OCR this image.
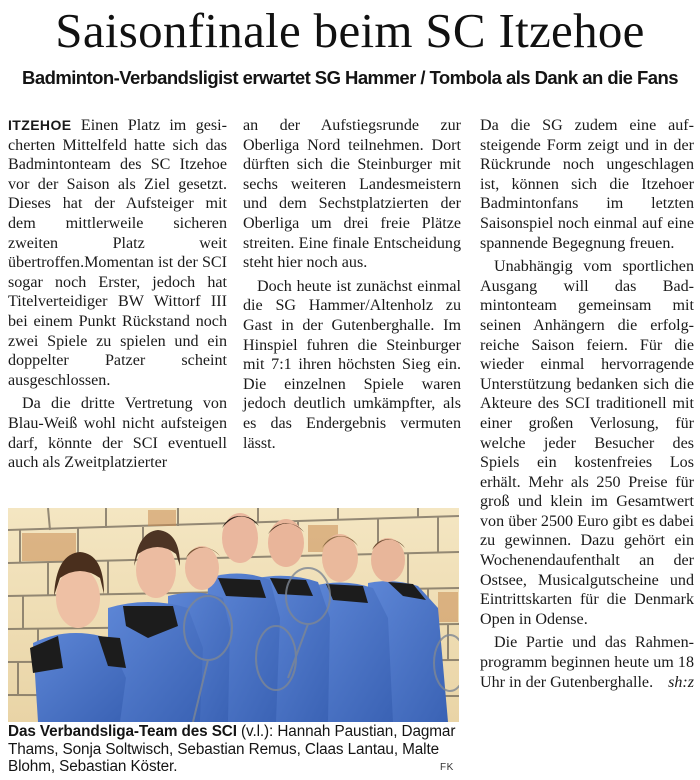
Saisonfinale beim SC Itzehoe
Badminton-Verbandsligist erwartet SG Hammer / Tombola als Dank an die Fans

ITZEHOE Einen Platz im gesicherten Mittelfeld hatte sich das Badmintonteam des SC Itzehoe vor der Saison als Ziel gesetzt. Dieses hat der Aufsteiger mit dem mittlerweile sicheren zweiten Platz weit übertroffen.Momentan ist der SCI sogar noch Erster, jedoch hat Titelverteidiger BW Wittorf III bei einem Punkt Rückstand noch zwei Spiele zu spielen und ein doppelter Patzer scheint ausgeschlossen.

Da die dritte Vertretung von Blau-Weiß wohl nicht aufsteigen darf, könnte der SCI eventuell auch als Zweitplatzierter

an der Aufstiegsrunde zur Oberliga Nord teilnehmen. Dort dürften sich die Steinburger mit sechs weiteren Landesmeistern und dem Sechstplatzierten der Oberliga um drei freie Plätze streiten. Eine finale Entscheidung steht hier noch aus.

Doch heute ist zunächst einmal die SG Hammer/Altenholz zu Gast in der Gutenberghalle. Im Hinspiel fuhren die Steinburger mit 7:1 ihren höchsten Sieg ein. Die einzelnen Spiele waren jedoch deutlich umkämpfter, als es das Endergebnis vermuten lässt.

Da die SG zudem eine aufsteigende Form zeigt und in der Rückrunde noch ungeschlagen ist, können sich die Itzehoer Badmintonfans im letzten Saisonspiel noch einmal auf eine spannende Begegnung freuen.

Unabhängig vom sportlichen Ausgang will das Badmintonteam gemeinsam mit seinen Anhängern die erfolgreiche Saison feiern. Für die wieder einmal hervorragende Unterstützung bedanken sich die Akteure des SCI traditionell mit einer großen Verlosung, für welche jeder Besucher des Spiels ein kostenfreies Los erhält. Mehr als 250 Preise für groß und klein im Gesamtwert von über 2500 Euro gibt es dabei zu gewinnen. Dazu gehört ein Wochenendaufenthalt an der Ostsee, Musicalgutscheine und Eintrittskarten für die Denmark Open in Odense.

Die Partie und das Rahmenprogramm beginnen heute um 18 Uhr in der Gutenberghalle. sh:z

Das Verbandsliga-Team des SCI (v.l.): Hannah Paustian, Dagmar Thams, Sonja Soltwisch, Sebastian Remus, Claas Lantau, Malte Blohm, Sebastian Köster.	FK
